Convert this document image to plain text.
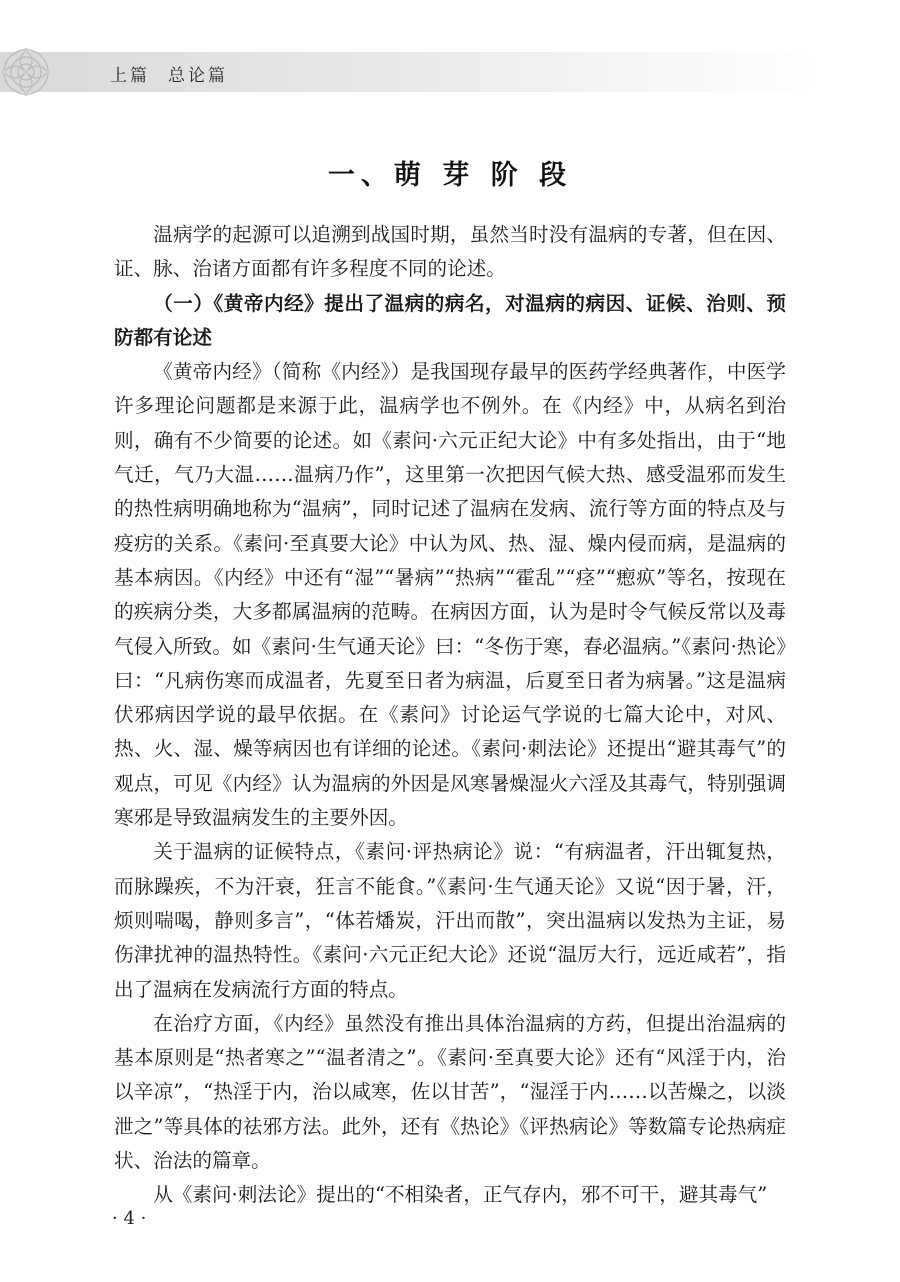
上篇 总论篇

一、萌 芽 阶 段

温病学的起源可以追溯到战国时期，虽然当时没有温病的专著，但在因、证、脉、治诸方面都有许多程度不同的论述。

（一）《黄帝内经》提出了温病的病名，对温病的病因、证候、治则、预防都有论述

《黄帝内经》（简称《内经》）是我国现存最早的医药学经典著作，中医学许多理论问题都是来源于此，温病学也不例外。在《内经》中，从病名到治则，确有不少简要的论述。如《素问·六元正纪大论》中有多处指出，由于“地气迁，气乃大温……温病乃作”，这里第一次把因气候大热、感受温邪而发生的热性病明确地称为“温病”，同时记述了温病在发病、流行等方面的特点及与疫疠的关系。《素问·至真要大论》中认为风、热、湿、燥内侵而病，是温病的基本病因。《内经》中还有“湿”“暑病”“热病”“霍乱”“痉”“瘛疭”等名，按现在的疾病分类，大多都属温病的范畴。在病因方面，认为是时令气候反常以及毒气侵入所致。如《素问·生气通天论》曰：“冬伤于寒，春必温病。”《素问·热论》曰：“凡病伤寒而成温者，先夏至日者为病温，后夏至日者为病暑。”这是温病伏邪病因学说的最早依据。在《素问》讨论运气学说的七篇大论中，对风、热、火、湿、燥等病因也有详细的论述。《素问·刺法论》还提出“避其毒气”的观点，可见《内经》认为温病的外因是风寒暑燥湿火六淫及其毒气，特别强调寒邪是导致温病发生的主要外因。

关于温病的证候特点，《素问·评热病论》说：“有病温者，汗出辄复热，而脉躁疾，不为汗衰，狂言不能食。”《素问·生气通天论》又说“因于暑，汗，烦则喘喝，静则多言”，“体若燔炭，汗出而散”，突出温病以发热为主证，易伤津扰神的温热特性。《素问·六元正纪大论》还说“温厉大行，远近咸若”，指出了温病在发病流行方面的特点。

在治疗方面，《内经》虽然没有推出具体治温病的方药，但提出治温病的基本原则是“热者寒之”“温者清之”。《素问·至真要大论》还有“风淫于内，治以辛凉”，“热淫于内，治以咸寒，佐以甘苦”，“湿淫于内……以苦燥之，以淡泄之”等具体的祛邪方法。此外，还有《热论》《评热病论》等数篇专论热病症状、治法的篇章。

从《素问·刺法论》提出的“不相染者，正气存内，邪不可干，避其毒气”

· 4 ·
